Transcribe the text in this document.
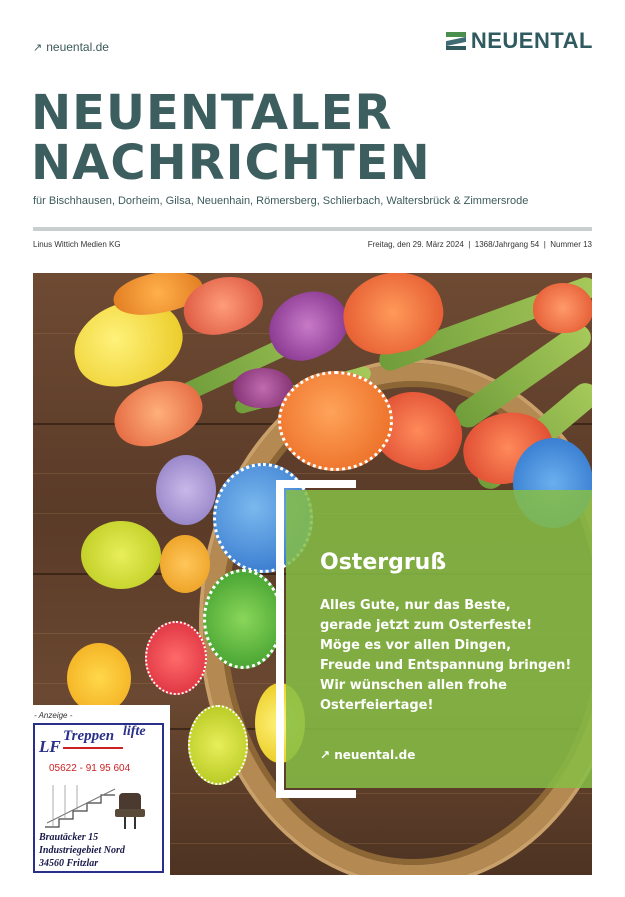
↗ neuental.de	NEUENTAL
NEUENTALER
NACHRICHTEN
für Bischhausen, Dorheim, Gilsa, Neuenhain, Römersberg, Schlierbach, Waltersbrück & Zimmersrode
Linus Wittich Medien KG	Freitag, den 29. März 2024  |  1368/Jahrgang 54  |  Nummer 13
Ostergruß
Alles Gute, nur das Beste,
gerade jetzt zum Osterfeste!
Möge es vor allen Dingen,
Freude und Entspannung bringen!
Wir wünschen allen frohe
Osterfeiertage!
↗ neuental.de
- Anzeige -
Treppen lifte
LF
05622 - 91 95 604
Brautäcker 15
Industriegebiet Nord
34560 Fritzlar
